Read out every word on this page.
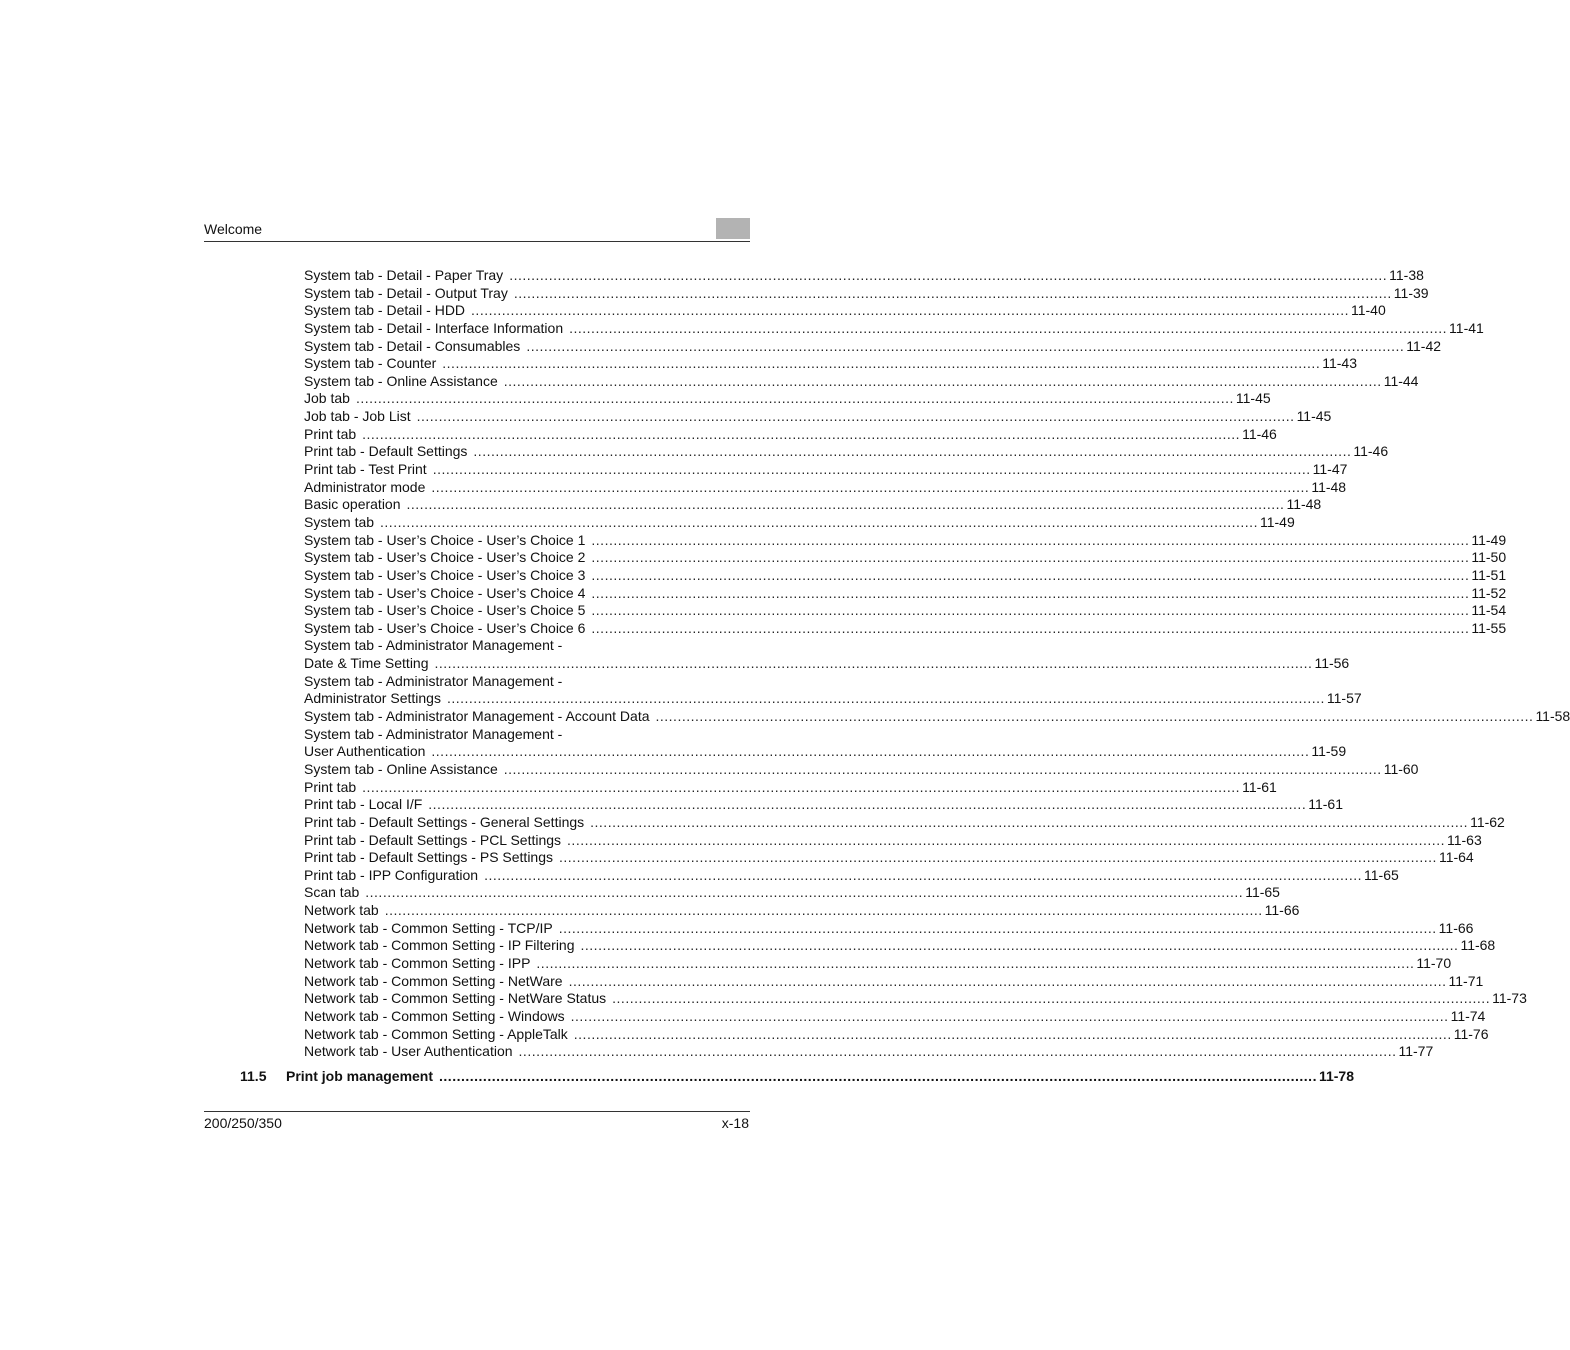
Welcome
System tab - Detail - Paper Tray ........................................................................................................................................................................................................ 11-38
System tab - Detail - Output Tray ........................................................................................................................................................................................................ 11-39
System tab - Detail - HDD ........................................................................................................................................................................................................ 11-40
System tab - Detail - Interface Information ........................................................................................................................................................................................................ 11-41
System tab - Detail - Consumables ........................................................................................................................................................................................................ 11-42
System tab - Counter ........................................................................................................................................................................................................ 11-43
System tab - Online Assistance ........................................................................................................................................................................................................ 11-44
Job tab ........................................................................................................................................................................................................ 11-45
Job tab - Job List ........................................................................................................................................................................................................ 11-45
Print tab ........................................................................................................................................................................................................ 11-46
Print tab - Default Settings ........................................................................................................................................................................................................ 11-46
Print tab - Test Print ........................................................................................................................................................................................................ 11-47
Administrator mode ........................................................................................................................................................................................................ 11-48
Basic operation ........................................................................................................................................................................................................ 11-48
System tab ........................................................................................................................................................................................................ 11-49
System tab - User’s Choice - User’s Choice 1 ........................................................................................................................................................................................................ 11-49
System tab - User’s Choice - User’s Choice 2 ........................................................................................................................................................................................................ 11-50
System tab - User’s Choice - User’s Choice 3 ........................................................................................................................................................................................................ 11-51
System tab - User’s Choice - User’s Choice 4 ........................................................................................................................................................................................................ 11-52
System tab - User’s Choice - User’s Choice 5 ........................................................................................................................................................................................................ 11-54
System tab - User’s Choice - User’s Choice 6 ........................................................................................................................................................................................................ 11-55
System tab - Administrator Management -
Date & Time Setting ........................................................................................................................................................................................................ 11-56
System tab - Administrator Management -
Administrator Settings ........................................................................................................................................................................................................ 11-57
System tab - Administrator Management - Account Data ........................................................................................................................................................................................................ 11-58
System tab - Administrator Management -
User Authentication ........................................................................................................................................................................................................ 11-59
System tab - Online Assistance ........................................................................................................................................................................................................ 11-60
Print tab ........................................................................................................................................................................................................ 11-61
Print tab - Local I/F ........................................................................................................................................................................................................ 11-61
Print tab - Default Settings - General Settings ........................................................................................................................................................................................................ 11-62
Print tab - Default Settings - PCL Settings ........................................................................................................................................................................................................ 11-63
Print tab - Default Settings - PS Settings ........................................................................................................................................................................................................ 11-64
Print tab - IPP Configuration ........................................................................................................................................................................................................ 11-65
Scan tab ........................................................................................................................................................................................................ 11-65
Network tab ........................................................................................................................................................................................................ 11-66
Network tab - Common Setting - TCP/IP ........................................................................................................................................................................................................ 11-66
Network tab - Common Setting - IP Filtering ........................................................................................................................................................................................................ 11-68
Network tab - Common Setting - IPP ........................................................................................................................................................................................................ 11-70
Network tab - Common Setting - NetWare ........................................................................................................................................................................................................ 11-71
Network tab - Common Setting - NetWare Status ........................................................................................................................................................................................................ 11-73
Network tab - Common Setting - Windows ........................................................................................................................................................................................................ 11-74
Network tab - Common Setting - AppleTalk ........................................................................................................................................................................................................ 11-76
Network tab - User Authentication ........................................................................................................................................................................................................ 11-77
11.5	Print job management ........................................................................................................................................................................................................ 11-78
200/250/350	x-18
